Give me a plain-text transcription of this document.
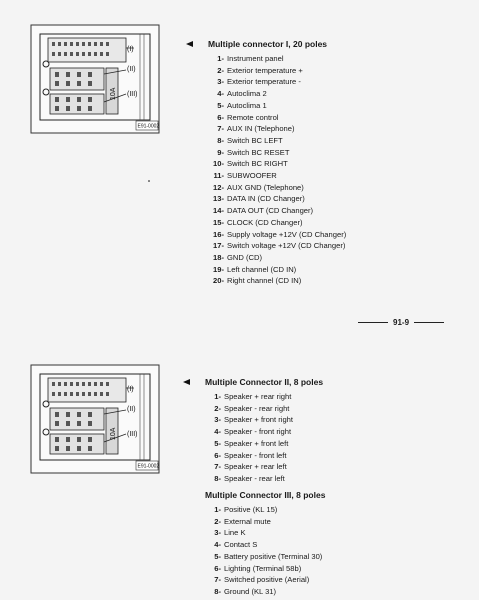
(I)
(II)
(III)
10A
E91-0002
Multiple connector I, 20 poles
1 - Instrument panel
2 - Exterior temperature +
3 - Exterior temperature -
4 - Autoclima 2
5 - Autoclima 1
6 - Remote control
7 - AUX IN (Telephone)
8 - Switch BC LEFT
9 - Switch BC RESET
10 - Switch BC RIGHT
11 - SUBWOOFER
12 - AUX GND (Telephone)
13 - DATA IN (CD Changer)
14 - DATA OUT (CD Changer)
15 - CLOCK (CD Changer)
16 - Supply voltage +12V (CD Changer)
17 - Switch voltage +12V (CD Changer)
18 - GND (CD)
19 - Left channel (CD IN)
20 - Right channel (CD IN)
91-9
(I)
(II)
(III)
10A
E91-0002
Multiple Connector II, 8 poles
1 - Speaker + rear right
2 - Speaker - rear right
3 - Speaker + front right
4 - Speaker - front right
5 - Speaker + front left
6 - Speaker - front left
7 - Speaker + rear left
8 - Speaker - rear left
Multiple Connector III, 8 poles
1 - Positive (KL 15)
2 - External mute
3 - Line K
4 - Contact S
5 - Battery positive (Terminal 30)
6 - Lighting (Terminal 58b)
7 - Switched positive (Aerial)
8 - Ground (KL 31)
